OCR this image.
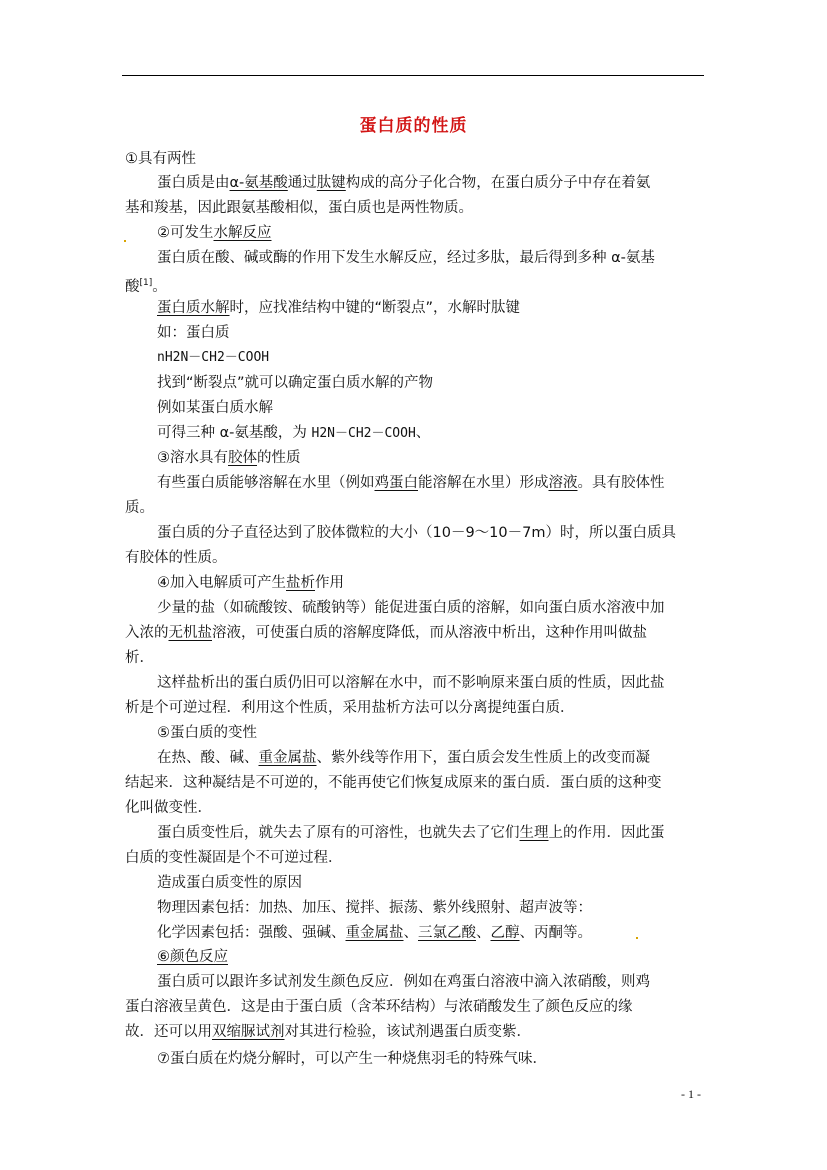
蛋白质的性质
①具有两性
蛋白质是由α-氨基酸通过肽键构成的高分子化合物，在蛋白质分子中存在着氨
基和羧基，因此跟氨基酸相似，蛋白质也是两性物质。
②可发生水解反应
蛋白质在酸、碱或酶的作用下发生水解反应，经过多肽，最后得到多种 α-氨基
酸[1]。
蛋白质水解时，应找准结构中键的“断裂点”，水解时肽键
如：蛋白质
nH2N－CH2－COOH
找到“断裂点”就可以确定蛋白质水解的产物
例如某蛋白质水解
可得三种 α-氨基酸，为 H2N－CH2－COOH、
③溶水具有胶体的性质
有些蛋白质能够溶解在水里（例如鸡蛋白能溶解在水里）形成溶液。具有胶体性
质。
蛋白质的分子直径达到了胶体微粒的大小（10－9～10－7m）时，所以蛋白质具
有胶体的性质。
④加入电解质可产生盐析作用
少量的盐（如硫酸铵、硫酸钠等）能促进蛋白质的溶解，如向蛋白质水溶液中加
入浓的无机盐溶液，可使蛋白质的溶解度降低，而从溶液中析出，这种作用叫做盐
析．
这样盐析出的蛋白质仍旧可以溶解在水中，而不影响原来蛋白质的性质，因此盐
析是个可逆过程．利用这个性质，采用盐析方法可以分离提纯蛋白质．
⑤蛋白质的变性
在热、酸、碱、重金属盐、紫外线等作用下，蛋白质会发生性质上的改变而凝
结起来．这种凝结是不可逆的，不能再使它们恢复成原来的蛋白质．蛋白质的这种变
化叫做变性．
蛋白质变性后，就失去了原有的可溶性，也就失去了它们生理上的作用．因此蛋
白质的变性凝固是个不可逆过程．
造成蛋白质变性的原因
物理因素包括：加热、加压、搅拌、振荡、紫外线照射、超声波等：
化学因素包括：强酸、强碱、重金属盐、三氯乙酸、乙醇、丙酮等。
⑥颜色反应
蛋白质可以跟许多试剂发生颜色反应．例如在鸡蛋白溶液中滴入浓硝酸，则鸡
蛋白溶液呈黄色．这是由于蛋白质（含苯环结构）与浓硝酸发生了颜色反应的缘
故．还可以用双缩脲试剂对其进行检验，该试剂遇蛋白质变紫．
⑦蛋白质在灼烧分解时，可以产生一种烧焦羽毛的特殊气味．
- 1 -
